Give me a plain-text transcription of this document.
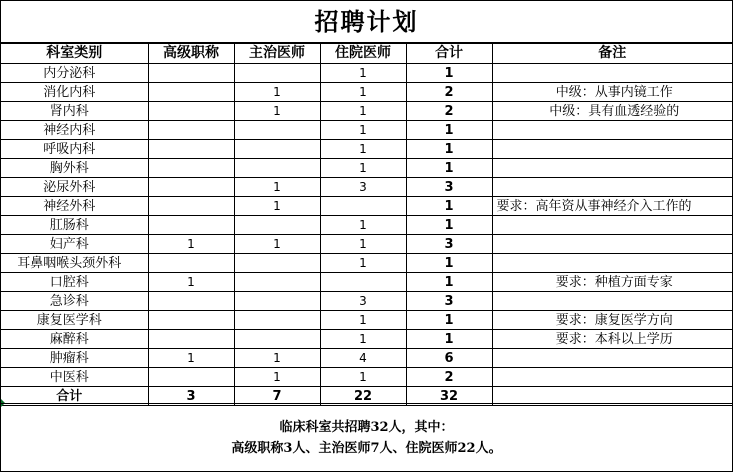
招聘计划
科室类别	高级职称	主治医师	住院医师	合计	备注
内分泌科			1	1	
消化内科		1	1	2	中级：从事内镜工作
肾内科		1	1	2	中级：具有血透经验的
神经内科			1	1	
呼吸内科			1	1	
胸外科			1	1	
泌尿外科		1	3	3	
神经外科		1		1	要求：高年资从事神经介入工作的
肛肠科			1	1	
妇产科	1	1	1	3	
耳鼻咽喉头颈外科			1	1	
口腔科	1			1	要求：种植方面专家
急诊科			3	3	
康复医学科			1	1	要求：康复医学方向
麻醉科			1	1	要求：本科以上学历
肿瘤科	1	1	4	6	
中医科		1	1	2	
合计	3	7	22	32	
临床科室共招聘32人，其中：
高级职称3人、主治医师7人、住院医师22人。
